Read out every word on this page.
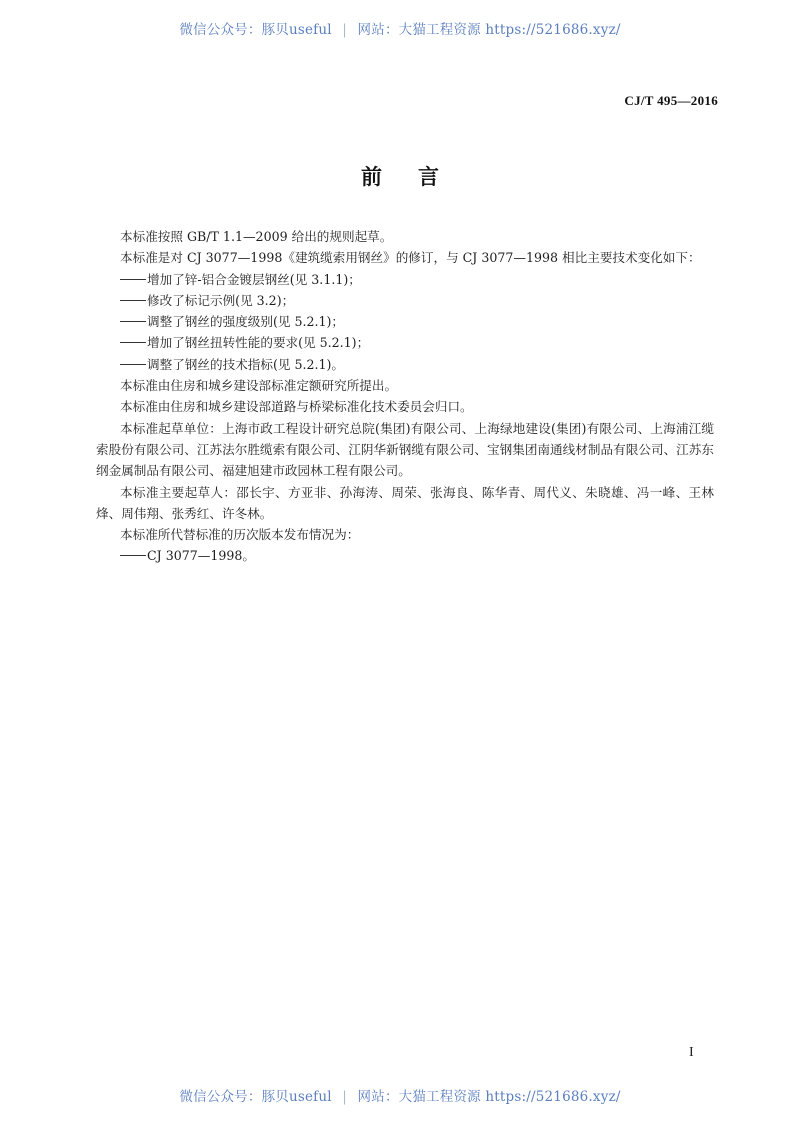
微信公众号：豚贝useful | 网站：大猫工程资源 https://521686.xyz/
CJ/T 495—2016
前言

本标准按照 GB/T 1.1—2009 给出的规则起草。

本标准是对 CJ 3077—1998《建筑缆索用钢丝》的修订，与 CJ 3077—1998 相比主要技术变化如下：

增加了锌-铝合金镀层钢丝(见 3.1.1)；

修改了标记示例(见 3.2)；

调整了钢丝的强度级别(见 5.2.1)；

增加了钢丝扭转性能的要求(见 5.2.1)；

调整了钢丝的技术指标(见 5.2.1)。

本标准由住房和城乡建设部标准定额研究所提出。

本标准由住房和城乡建设部道路与桥梁标准化技术委员会归口。

本标准起草单位：上海市政工程设计研究总院(集团)有限公司、上海绿地建设(集团)有限公司、上海浦江缆索股份有限公司、江苏法尔胜缆索有限公司、江阴华新钢缆有限公司、宝钢集团南通线材制品有限公司、江苏东纲金属制品有限公司、福建旭建市政园林工程有限公司。

本标准主要起草人：邵长宇、方亚非、孙海涛、周荣、张海良、陈华青、周代义、朱晓雄、冯一峰、王林烽、周伟翔、张秀红、许冬林。

本标准所代替标准的历次版本发布情况为：

CJ 3077—1998。

I
微信公众号：豚贝useful | 网站：大猫工程资源 https://521686.xyz/
